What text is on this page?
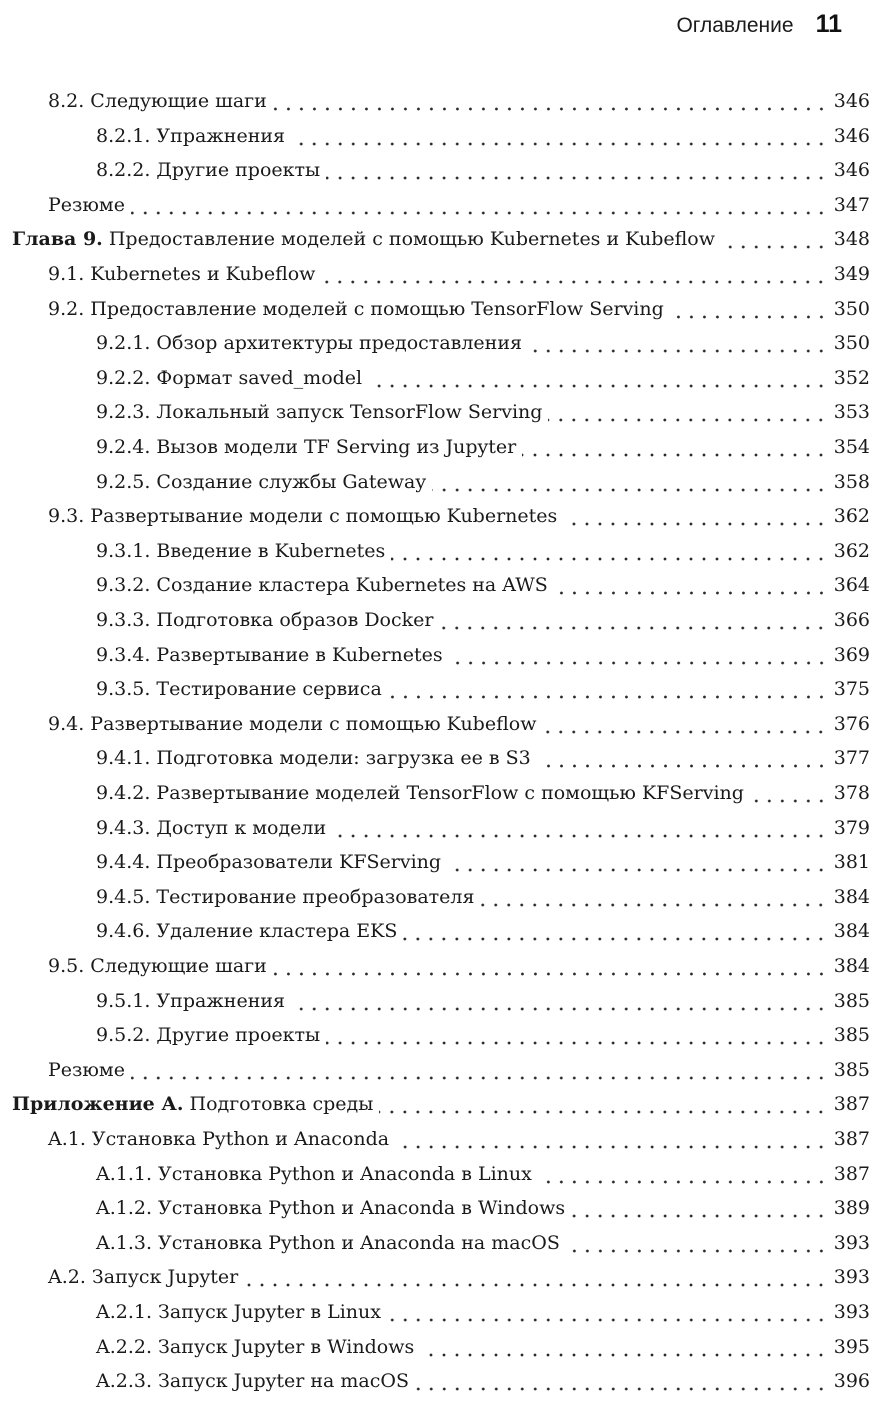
Оглавление 11
8.2. Следующие шаги	346
8.2.1. Упражнения	346
8.2.2. Другие проекты	346
Резюме	347
Глава 9. Предоставление моделей с помощью Kubernetes и Kubeflow	348
9.1. Kubernetes и Kubeflow	349
9.2. Предоставление моделей с помощью TensorFlow Serving	350
9.2.1. Обзор архитектуры предоставления	350
9.2.2. Формат saved_model	352
9.2.3. Локальный запуск TensorFlow Serving	353
9.2.4. Вызов модели TF Serving из Jupyter	354
9.2.5. Создание службы Gateway	358
9.3. Развертывание модели с помощью Kubernetes	362
9.3.1. Введение в Kubernetes	362
9.3.2. Создание кластера Kubernetes на AWS	364
9.3.3. Подготовка образов Docker	366
9.3.4. Развертывание в Kubernetes	369
9.3.5. Тестирование сервиса	375
9.4. Развертывание модели с помощью Kubeflow	376
9.4.1. Подготовка модели: загрузка ее в S3	377
9.4.2. Развертывание моделей TensorFlow с помощью KFServing	378
9.4.3. Доступ к модели	379
9.4.4. Преобразователи KFServing	381
9.4.5. Тестирование преобразователя	384
9.4.6. Удаление кластера EKS	384
9.5. Следующие шаги	384
9.5.1. Упражнения	385
9.5.2. Другие проекты	385
Резюме	385
Приложение А. Подготовка среды	387
A.1. Установка Python и Anaconda	387
A.1.1. Установка Python и Anaconda в Linux	387
A.1.2. Установка Python и Anaconda в Windows	389
A.1.3. Установка Python и Anaconda на macOS	393
A.2. Запуск Jupyter	393
A.2.1. Запуск Jupyter в Linux	393
A.2.2. Запуск Jupyter в Windows	395
A.2.3. Запуск Jupyter на macOS	396
